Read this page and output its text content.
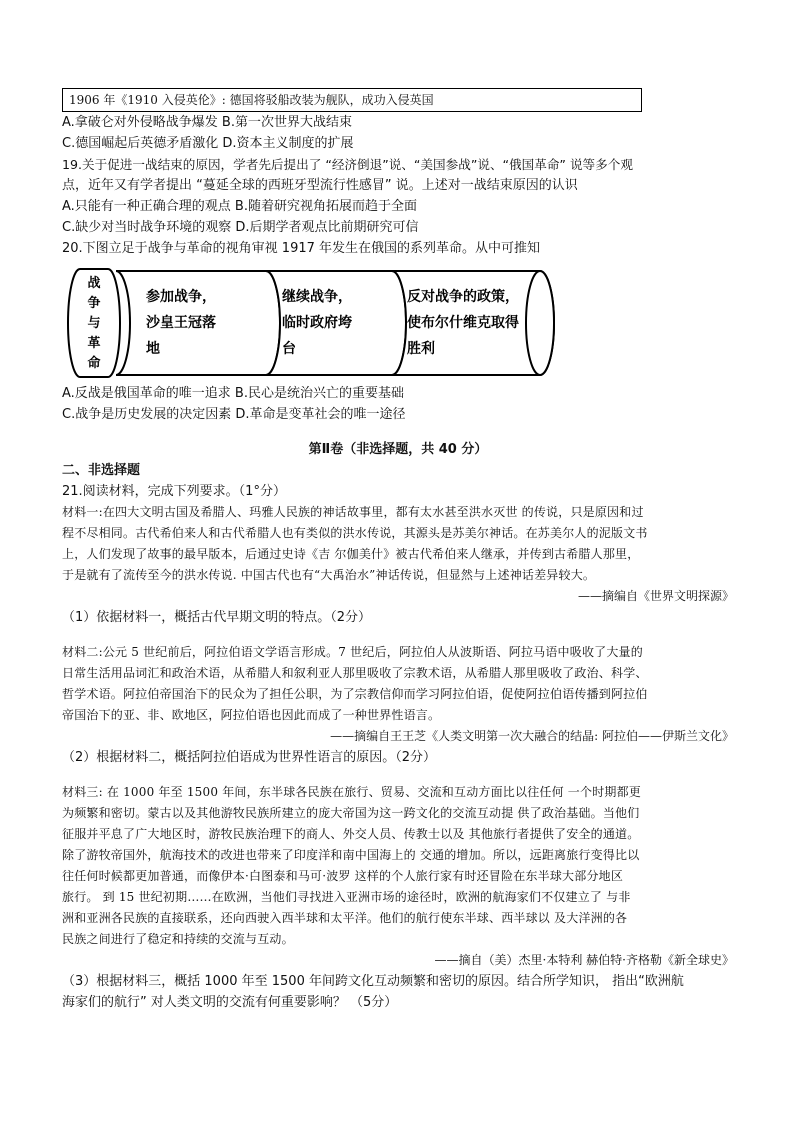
1906 年《1910 入侵英伦》: 德国将驳船改装为舰队，成功入侵英国
A.拿破仑对外侵略战争爆发 B.第一次世界大战结束
C.德国崛起后英德矛盾激化 D.资本主义制度的扩展
19.关于促进一战结束的原因，学者先后提出了 “经济倒退”说、“美国参战”说、“俄国革命” 说等多个观
点，近年又有学者提出 “蔓延全球的西班牙型流行性感冒” 说。上述对一战结束原因的认识
A.只能有一种正确合理的观点 B.随着研究视角拓展而趋于全面
C.缺少对当时战争环境的观察 D.后期学者观点比前期研究可信
20.下图立足于战争与革命的视角审视 1917 年发生在俄国的系列革命。从中可推知
战
争
与
革
命
参加战争，
沙皇王冠落
地
继续战争，
临时政府垮
台
反对战争的政策，
使布尔什维克取得
胜利
A.反战是俄国革命的唯一追求 B.民心是统治兴亡的重要基础
C.战争是历史发展的决定因素 D.革命是变革社会的唯一途径
第Ⅱ卷（非选择题，共 40 分）
二、非选择题
21.阅读材料，完成下列要求。（1°分）
材料一:在四大文明古国及希腊人、玛雅人民族的神话故事里，都有太水甚至洪水灭世 的传说，只是原因和过
程不尽相同。古代希伯来人和古代希腊人也有类似的洪水传说，其源头是苏美尔神话。在苏美尔人的泥版文书
上，人们发现了故事的最早版本，后通过史诗《吉 尔伽美什》被古代希伯来人继承，并传到古希腊人那里，
于是就有了流传至今的洪水传说. 中国古代也有“大禹治水”神话传说，但显然与上述神话差异较大。
——摘编自《世界文明探源》
（1）依据材料一，概括古代早期文明的特点。（2分）
材料二:公元 5 世纪前后，阿拉伯语文学语言形成。7 世纪后，阿拉伯人从波斯语、阿拉马语中吸收了大量的
日常生活用品词汇和政治术语，从希腊人和叙利亚人那里吸收了宗教术语，从希腊人那里吸收了政治、科学、
哲学术语。阿拉伯帝国治下的民众为了担任公职，为了宗教信仰而学习阿拉伯语，促使阿拉伯语传播到阿拉伯
帝国治下的亚、非、欧地区，阿拉伯语也因此而成了一种世界性语言。
——摘编自王王芝《人类文明第一次大融合的结晶: 阿拉伯——伊斯兰文化》
（2）根据材料二，概括阿拉伯语成为世界性语言的原因。（2分）
材料三: 在 1000 年至 1500 年间，东半球各民族在旅行、贸易、交流和互动方面比以往任何 一个时期都更
为频繁和密切。蒙古以及其他游牧民族所建立的庞大帝国为这一跨文化的交流互动提 供了政治基础。当他们
征服并平息了广大地区时，游牧民族治理下的商人、外交人员、传教士以及 其他旅行者提供了安全的通道。
除了游牧帝国外，航海技术的改进也带来了印度洋和南中国海上的 交通的增加。所以，远距离旅行变得比以
往任何时候都更加普通，而像伊本·白图泰和马可·波罗 这样的个人旅行家有时还冒险在东半球大部分地区
旅行。 到 15 世纪初期……在欧洲，当他们寻找进入亚洲市场的途径时，欧洲的航海家们不仅建立了 与非
洲和亚洲各民族的直接联系，还向西驶入西半球和太平洋。他们的航行使东半球、西半球以 及大洋洲的各
民族之间进行了稳定和持续的交流与互动。
——摘自（美）杰里·本特利 赫伯特·齐格勒《新全球史》
（3）根据材料三，概括 1000 年至 1500 年间跨文化互动频繁和密切的原因。结合所学知识， 指出“欧洲航
海家们的航行” 对人类文明的交流有何重要影响？ （5分）
